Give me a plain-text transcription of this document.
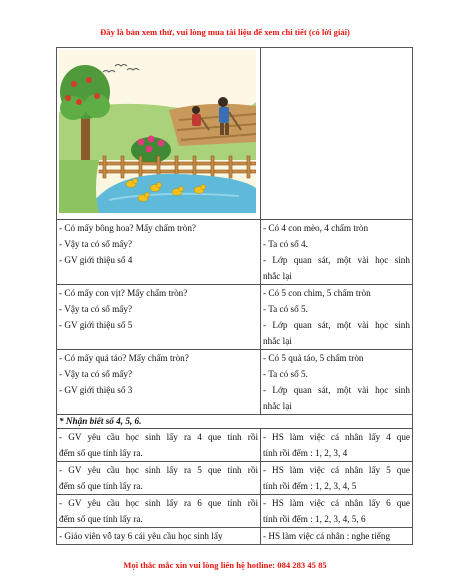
Đây là bản xem thử, vui lòng mua tài liệu để xem chi tiết (có lời giải)

- Có mấy bông hoa? Mấy chấm tròn?
- Vậy ta có số mấy?
- GV giới thiệu số 4	- Có 4 con mèo, 4 chấm tròn
- Ta có số 4.
- Lớp quan sát, một vài học sinh
nhắc lại

- Có mấy con vịt? Mấy chấm tròn?
- Vậy ta có số mấy?
- GV giới thiệu số 5	- Có 5 con chim, 5 chấm tròn
- Ta có số 5.
- Lớp quan sát, một vài học sinh
nhắc lại

- Có mấy quả táo? Mấy chấm tròn?
- Vậy ta có số mấy?
- GV giới thiệu số 3	- Có 5 quả táo, 5 chấm tròn
- Ta có số 5.
- Lớp quan sát, một vài học sinh
nhắc lại

* Nhận biết số 4, 5, 6.	

- GV yêu cầu học sinh lấy ra 4 que tính rồi
đếm số que tính lấy ra.	- HS làm việc cá nhân lấy 4 que
tính rồi đếm : 1, 2, 3, 4

- GV yêu cầu học sinh lấy ra 5 que tính rồi
đếm số que tính lấy ra.	- HS làm việc cá nhân lấy 5 que
tính rồi đếm : 1, 2, 3, 4, 5

- GV yêu cầu học sinh lấy ra 6 que tính rồi
đếm số que tính lấy ra.	- HS làm việc cá nhân lấy 6 que
tính rồi đếm : 1, 2, 3, 4, 5, 6

- Giáo viên vỗ tay 6 cái yêu cầu học sinh lấy	- HS làm việc cá nhân : nghe tiếng
Mọi thắc mắc xin vui lòng liên hệ hotline: 084 283 45 85
